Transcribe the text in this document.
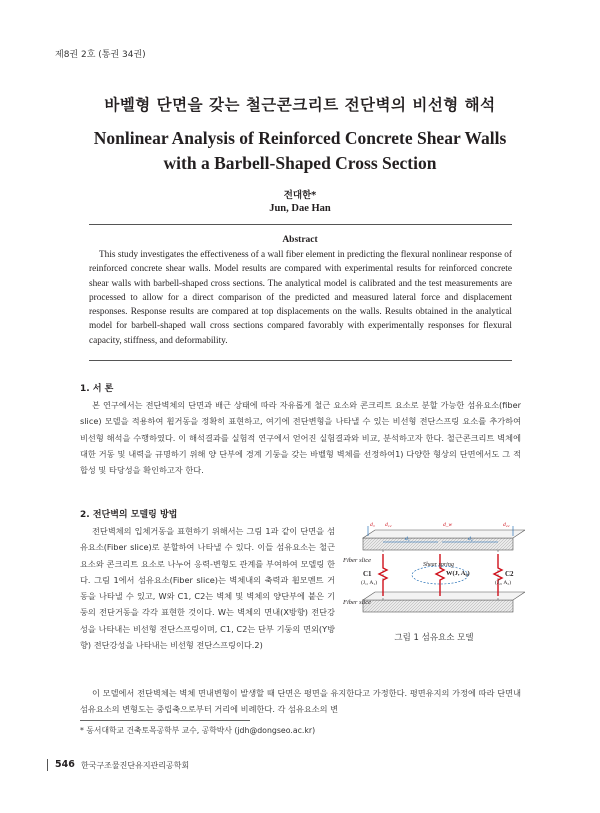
제8권 2호 (통권 34권)
바벨형 단면을 갖는 철근콘크리트 전단벽의 비선형 해석
Nonlinear Analysis of Reinforced Concrete Shear Walls
with a Barbell-Shaped Cross Section
전대한*
Jun, Dae Han
Abstract
This study investigates the effectiveness of a wall fiber element in predicting the flexural nonlinear response of reinforced concrete shear walls. Model results are compared with experimental results for reinforced concrete shear walls with barbell-shaped cross sections. The analytical model is calibrated and the test measurements are processed to allow for a direct comparison of the predicted and measured lateral force and displacement responses. Response results are compared at top displacements on the walls. Results obtained in the analytical model for barbell-shaped wall cross sections compared favorably with experimentally responses for flexural capacity, stiffness, and deformability.
1. 서 론
본 연구에서는 전단벽체의 단면과 배근 상태에 따라 자유롭게 철근 요소와 콘크리트 요소로 분할 가능한 섬유요소(fiber slice) 모델을 적용하여 휨거동을 정확히 표현하고, 여기에 전단변형을 나타낼 수 있는 비선형 전단스프링 요소를 추가하여 비선형 해석을 수행하였다. 이 해석결과를 실험적 연구에서 얻어진 실험결과와 비교, 분석하고자 한다. 철근콘크리트 벽체에 대한 거동 및 내력을 규명하기 위해 양 단부에 경계 기둥을 갖는 바벨형 벽체를 선정하여1) 다양한 형상의 단면에서도 그 적합성 및 타당성을 확인하고자 한다.
2. 전단벽의 모델링 방법
전단벽체의 입체거동을 표현하기 위해서는 그림 1과 같이 단면을 섬유요소(Fiber slice)로 분할하여 나타낼 수 있다. 이들 섬유요소는 철근 요소와 콘크리트 요소로 나누어 응력-변형도 관계를 부여하여 모델링 한다. 그림 1에서 섬유요소(Fiber slice)는 벽체내의 축력과 휨모멘트 거동을 나타낼 수 있고, W와 C1, C2는 벽체 및 벽체의 양단부에 붙은 기둥의 전단거동을 각각 표현한 것이다. W는 벽체의 면내(X방향) 전단강성을 나타내는 비선형 전단스프링이며, C1, C2는 단부 기둥의 면외(Y방향) 전단강성을 나타내는 비선형 전단스프링이다.2)
Fiber slice
Fiber slice
Shear spring
C1
(J₁, A₁)
C2
(J₂, A₂)
W(J, A₀)
d₁	d₂
d₃	d_w
d₁₂	d₂₂
그림 1 섬유요소 모델
이 모델에서 전단벽체는 벽체 면내변형이 발생할 때 단면은 평면을 유지한다고 가정한다. 평면유지의 가정에 따라 단면내 섬유요소의 변형도는 중립축으로부터 거리에 비례한다. 각 섬유요소의 변
* 동서대학교 건축토목공학부 교수, 공학박사 (jdh@dongseo.ac.kr)
546 한국구조물진단유지관리공학회
